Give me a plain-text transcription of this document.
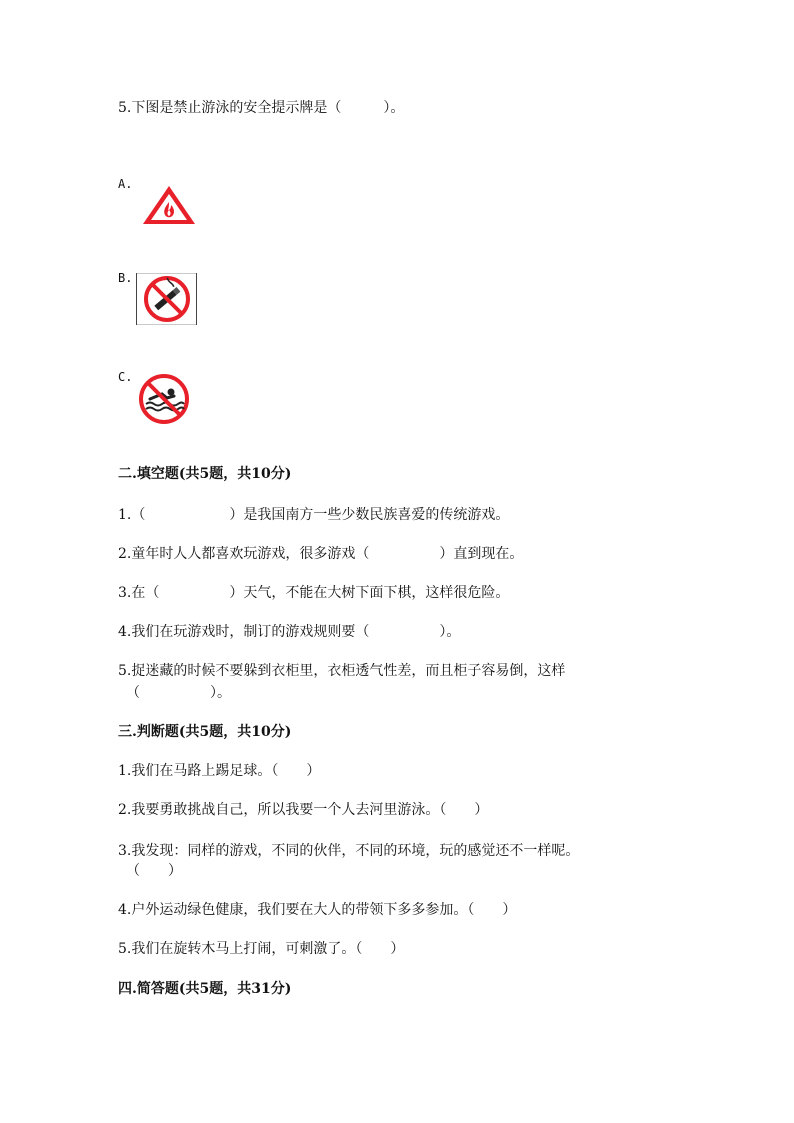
5.下图是禁止游泳的安全提示牌是（　　　）。
A.
B.
C.
二.填空题(共5题，共10分)
1.（　　　　　　）是我国南方一些少数民族喜爱的传统游戏。
2.童年时人人都喜欢玩游戏，很多游戏（　　　　　）直到现在。
3.在（　　　　　）天气，不能在大树下面下棋，这样很危险。
4.我们在玩游戏时，制订的游戏规则要（　　　　　）。
5.捉迷藏的时候不要躲到衣柜里，衣柜透气性差，而且柜子容易倒，这样
（　　　　　）。
三.判断题(共5题，共10分)
1.我们在马路上踢足球。（　　）
2.我要勇敢挑战自己，所以我要一个人去河里游泳。（　　）
3.我发现：同样的游戏，不同的伙伴，不同的环境，玩的感觉还不一样呢。
（　　）
4.户外运动绿色健康，我们要在大人的带领下多多参加。（　　）
5.我们在旋转木马上打闹，可刺激了。（　　）
四.简答题(共5题，共31分)
